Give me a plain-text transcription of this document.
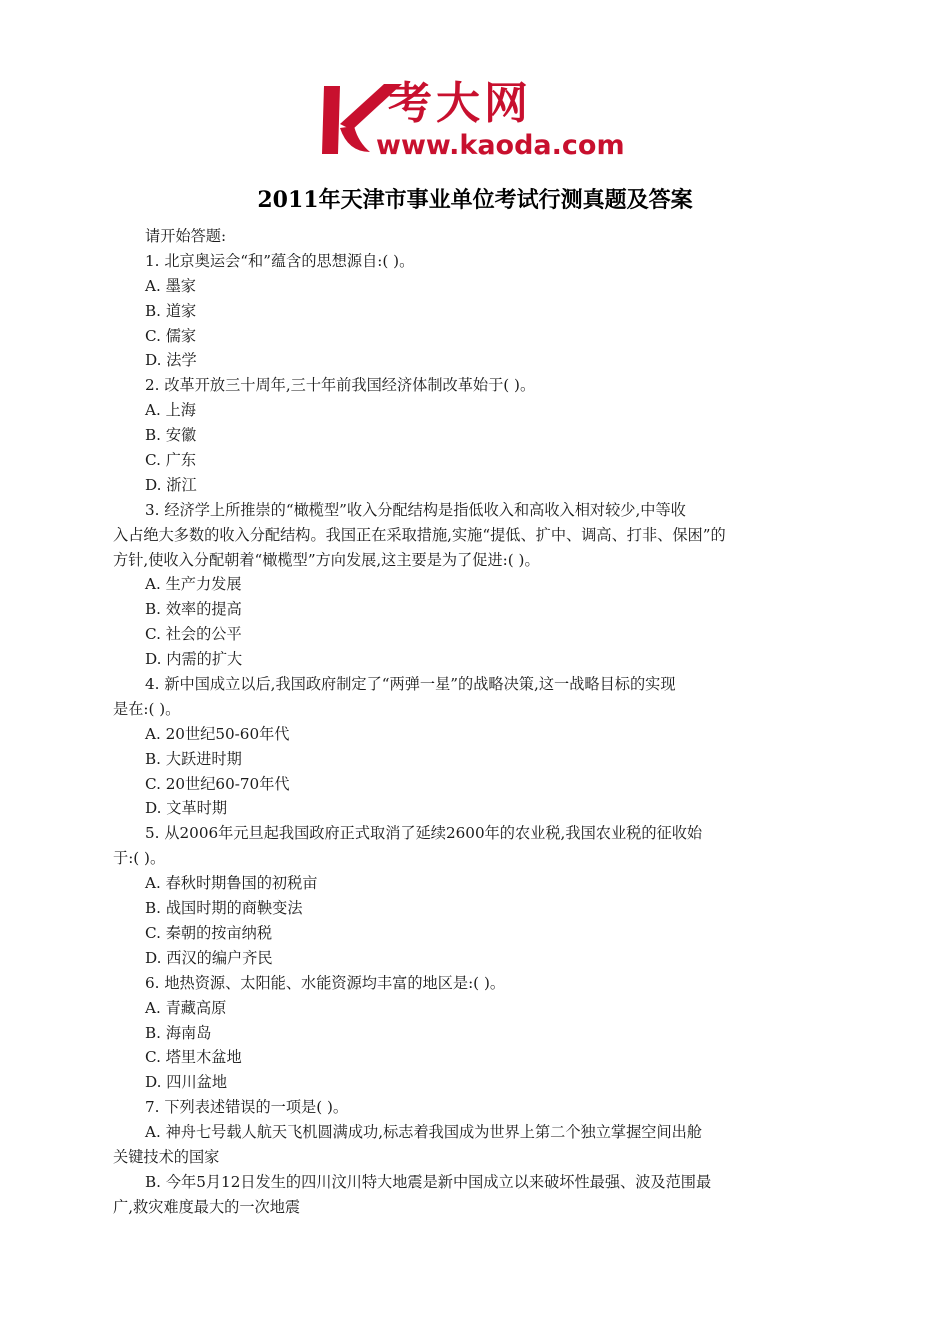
考大网
www.kaoda.com
2011年天津市事业单位考试行测真题及答案
请开始答题:
1. 北京奥运会“和”蕴含的思想源自:( )。
A. 墨家
B. 道家
C. 儒家
D. 法学
2. 改革开放三十周年,三十年前我国经济体制改革始于( )。
A. 上海
B. 安徽
C. 广东
D. 浙江
3. 经济学上所推崇的“橄榄型”收入分配结构是指低收入和高收入相对较少,中等收
入占绝大多数的收入分配结构。我国正在采取措施,实施“提低、扩中、调高、打非、保困”的
方针,使收入分配朝着“橄榄型”方向发展,这主要是为了促进:( )。
A. 生产力发展
B. 效率的提高
C. 社会的公平
D. 内需的扩大
4. 新中国成立以后,我国政府制定了“两弹一星”的战略决策,这一战略目标的实现
是在:( )。
A. 20世纪50-60年代
B. 大跃进时期
C. 20世纪60-70年代
D. 文革时期
5. 从2006年元旦起我国政府正式取消了延续2600年的农业税,我国农业税的征收始
于:( )。
A. 春秋时期鲁国的初税亩
B. 战国时期的商鞅变法
C. 秦朝的按亩纳税
D. 西汉的编户齐民
6. 地热资源、太阳能、水能资源均丰富的地区是:( )。
A. 青藏高原
B. 海南岛
C. 塔里木盆地
D. 四川盆地
7. 下列表述错误的一项是( )。
A. 神舟七号载人航天飞机圆满成功,标志着我国成为世界上第二个独立掌握空间出舱
关键技术的国家
B. 今年5月12日发生的四川汶川特大地震是新中国成立以来破坏性最强、波及范围最
广,救灾难度最大的一次地震
